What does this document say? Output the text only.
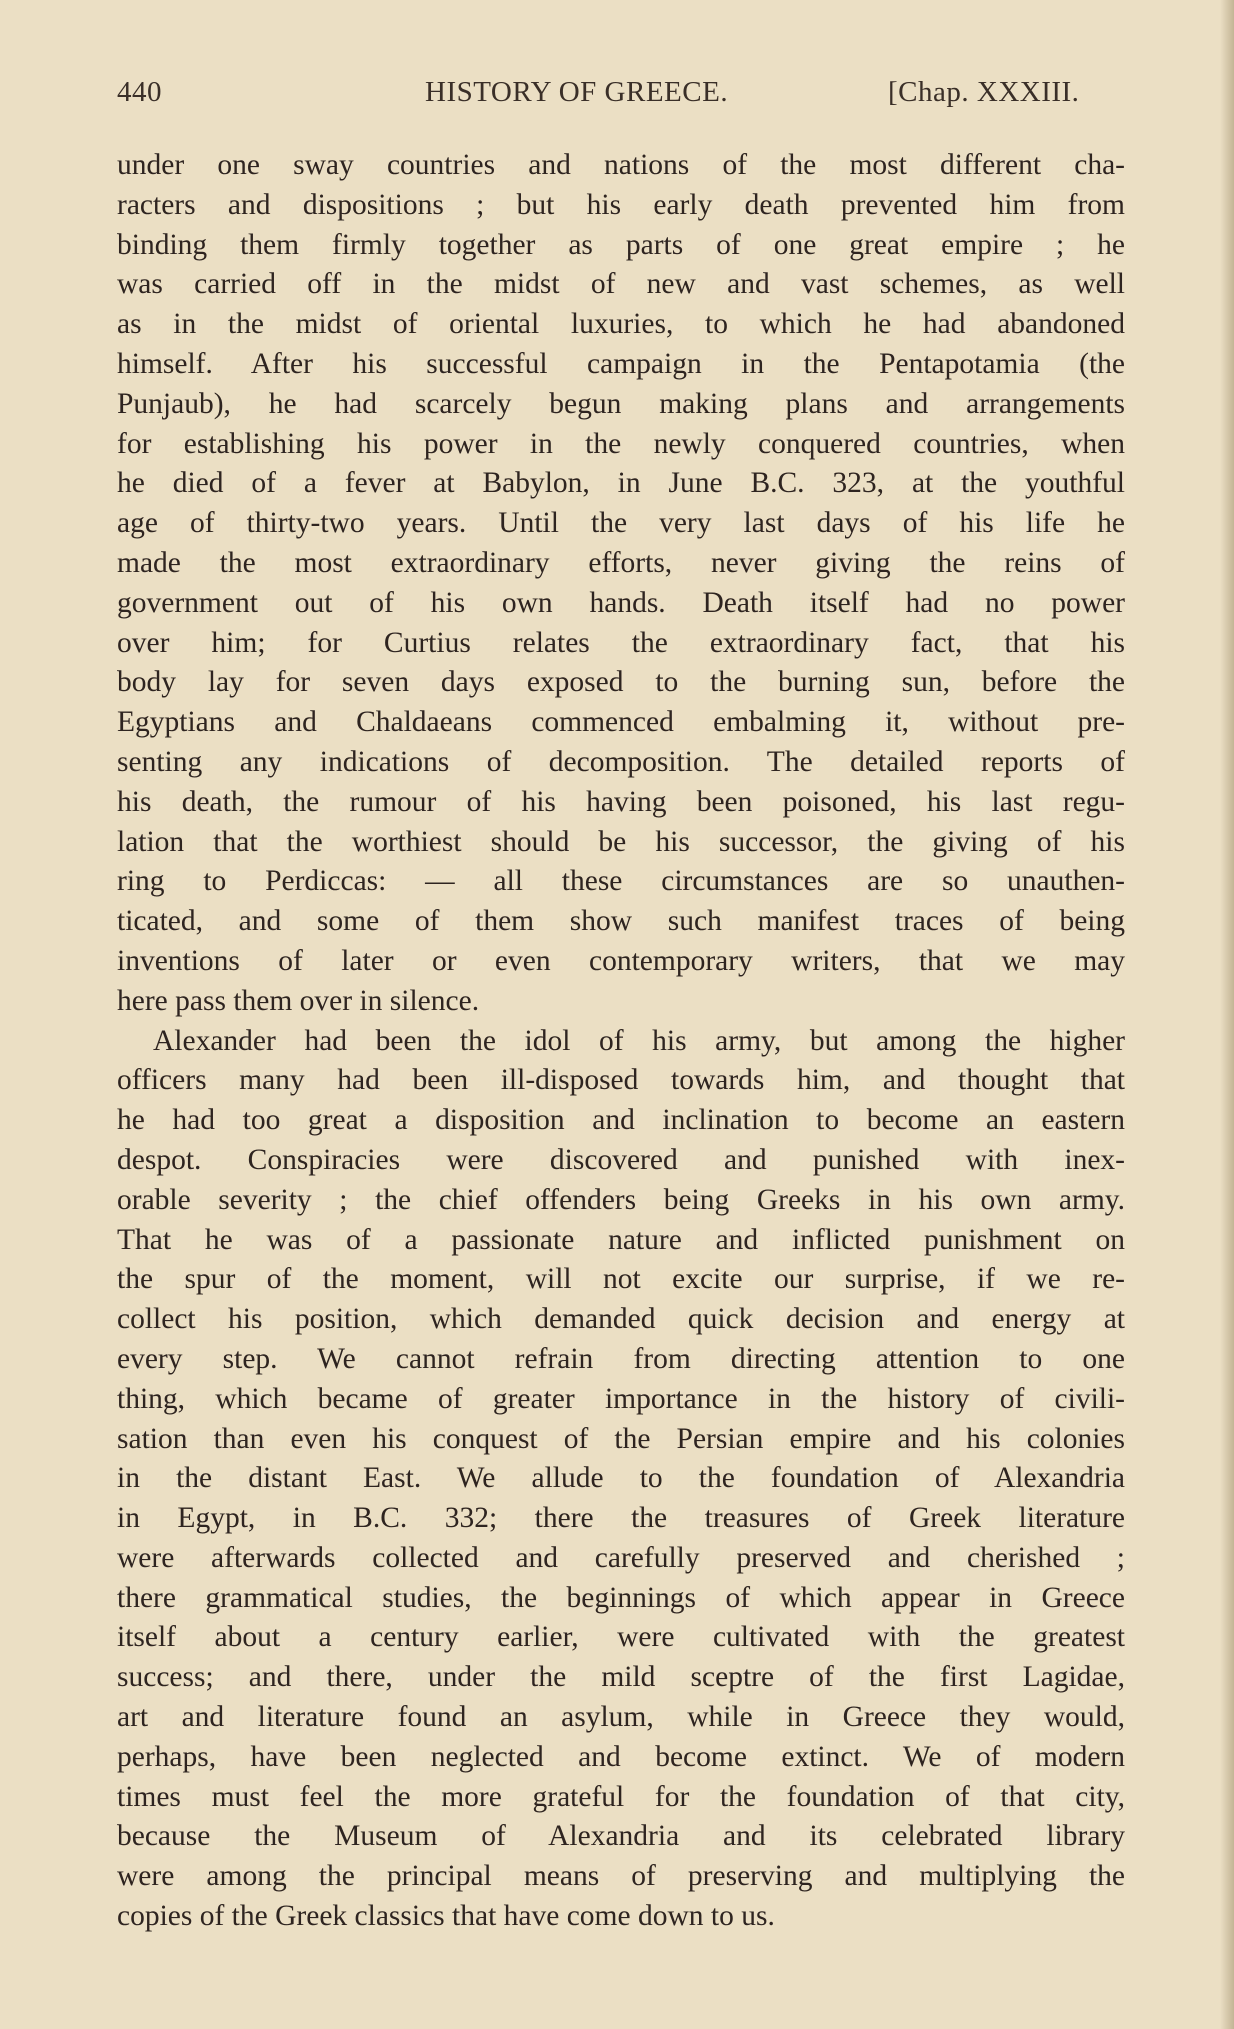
440	HISTORY OF GREECE.	[Chap. XXXIII.

under one sway countries and nations of the most different cha-
racters and dispositions ; but his early death prevented him from
binding them firmly together as parts of one great empire ; he
was carried off in the midst of new and vast schemes, as well
as in the midst of oriental luxuries, to which he had abandoned
himself. After his successful campaign in the Pentapotamia (the
Punjaub), he had scarcely begun making plans and arrangements
for establishing his power in the newly conquered countries, when
he died of a fever at Babylon, in June B.C. 323, at the youthful
age of thirty-two years. Until the very last days of his life he
made the most extraordinary efforts, never giving the reins of
government out of his own hands. Death itself had no power
over him; for Curtius relates the extraordinary fact, that his
body lay for seven days exposed to the burning sun, before the
Egyptians and Chaldaeans commenced embalming it, without pre-
senting any indications of decomposition. The detailed reports of
his death, the rumour of his having been poisoned, his last regu-
lation that the worthiest should be his successor, the giving of his
ring to Perdiccas: — all these circumstances are so unauthen-
ticated, and some of them show such manifest traces of being
inventions of later or even contemporary writers, that we may
here pass them over in silence.

Alexander had been the idol of his army, but among the higher
officers many had been ill-disposed towards him, and thought that
he had too great a disposition and inclination to become an eastern
despot. Conspiracies were discovered and punished with inex-
orable severity ; the chief offenders being Greeks in his own army.
That he was of a passionate nature and inflicted punishment on
the spur of the moment, will not excite our surprise, if we re-
collect his position, which demanded quick decision and energy at
every step. We cannot refrain from directing attention to one
thing, which became of greater importance in the history of civili-
sation than even his conquest of the Persian empire and his colonies
in the distant East. We allude to the foundation of Alexandria
in Egypt, in B.C. 332; there the treasures of Greek literature
were afterwards collected and carefully preserved and cherished ;
there grammatical studies, the beginnings of which appear in Greece
itself about a century earlier, were cultivated with the greatest
success; and there, under the mild sceptre of the first Lagidae,
art and literature found an asylum, while in Greece they would,
perhaps, have been neglected and become extinct. We of modern
times must feel the more grateful for the foundation of that city,
because the Museum of Alexandria and its celebrated library
were among the principal means of preserving and multiplying the
copies of the Greek classics that have come down to us.
